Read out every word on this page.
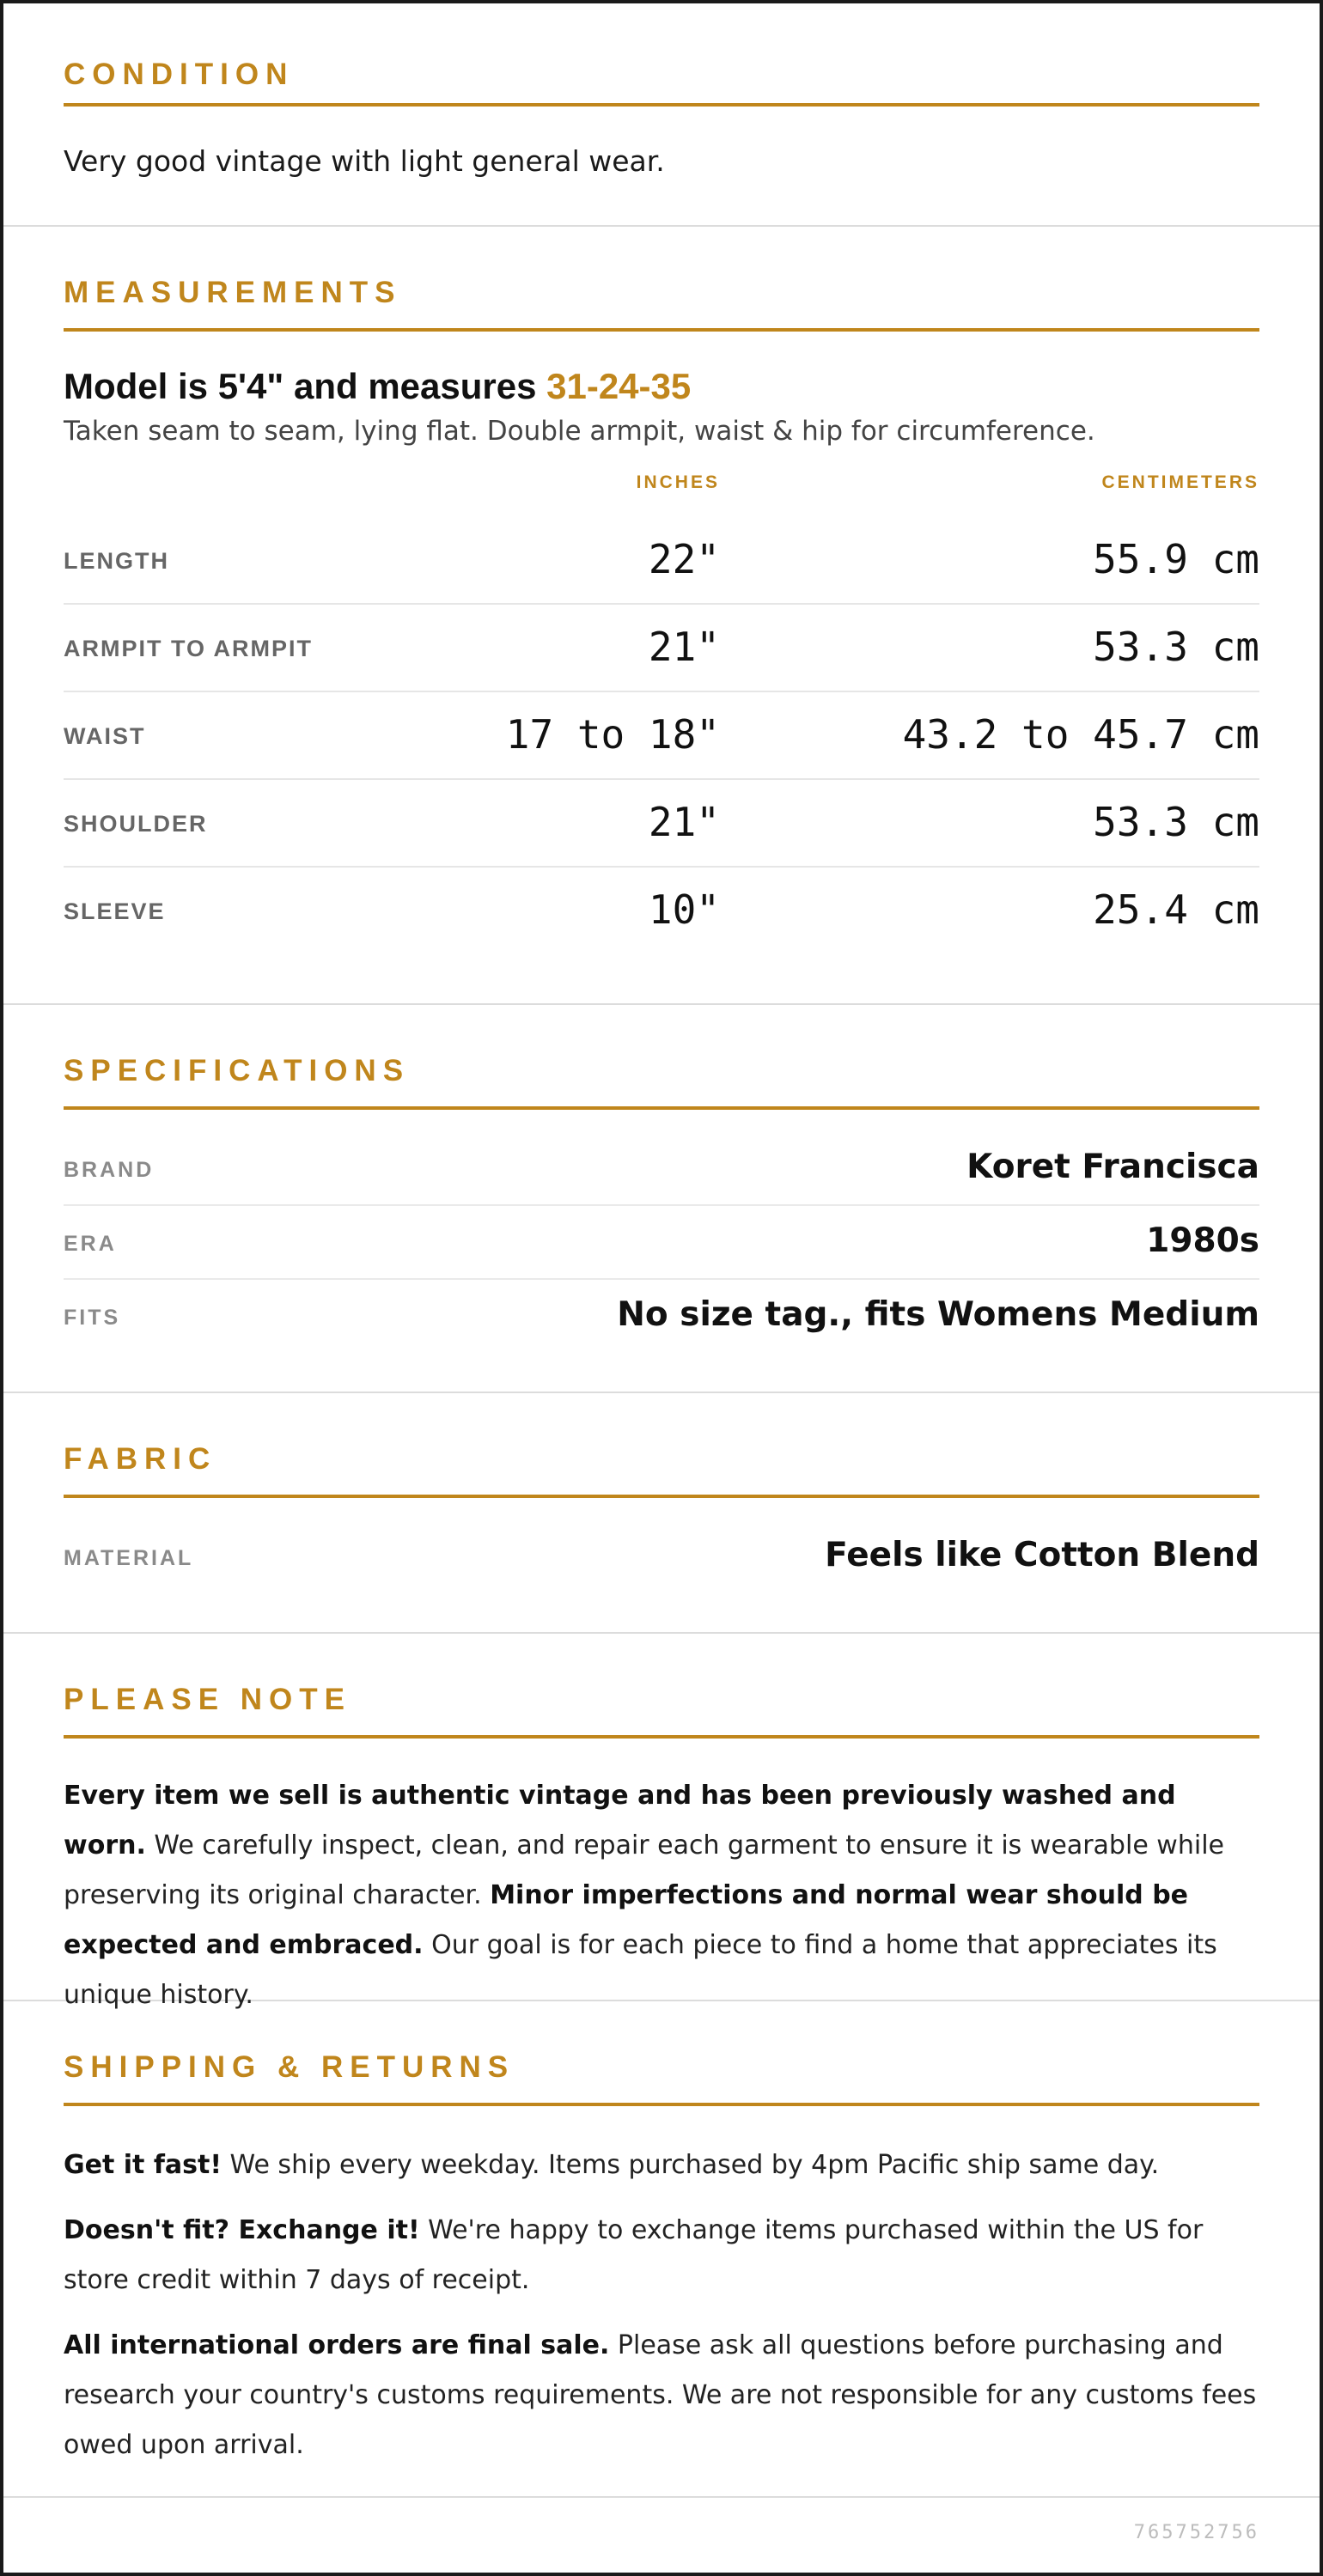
CONDITION
Very good vintage with light general wear.
MEASUREMENTS
Model is 5'4" and measures 31-24-35
Taken seam to seam, lying flat. Double armpit, waist & hip for circumference.
INCHES	CENTIMETERS
LENGTH	22"	55.9 cm
ARMPIT TO ARMPIT	21"	53.3 cm
WAIST	17 to 18"	43.2 to 45.7 cm
SHOULDER	21"	53.3 cm
SLEEVE	10"	25.4 cm
SPECIFICATIONS
BRAND	Koret Francisca
ERA	1980s
FITS	No size tag., fits Womens Medium
FABRIC
MATERIAL	Feels like Cotton Blend
PLEASE NOTE

Every item we sell is authentic vintage and has been previously washed and worn. We carefully inspect, clean, and repair each garment to ensure it is wearable while preserving its original character. Minor imperfections and normal wear should be expected and embraced. Our goal is for each piece to find a home that appreciates its unique history.

SHIPPING & RETURNS

Get it fast! We ship every weekday. Items purchased by 4pm Pacific ship same day.

Doesn't fit? Exchange it! We're happy to exchange items purchased within the US for store credit within 7 days of receipt.

All international orders are final sale. Please ask all questions before purchasing and research your country's customs requirements. We are not responsible for any customs fees owed upon arrival.

765752756
